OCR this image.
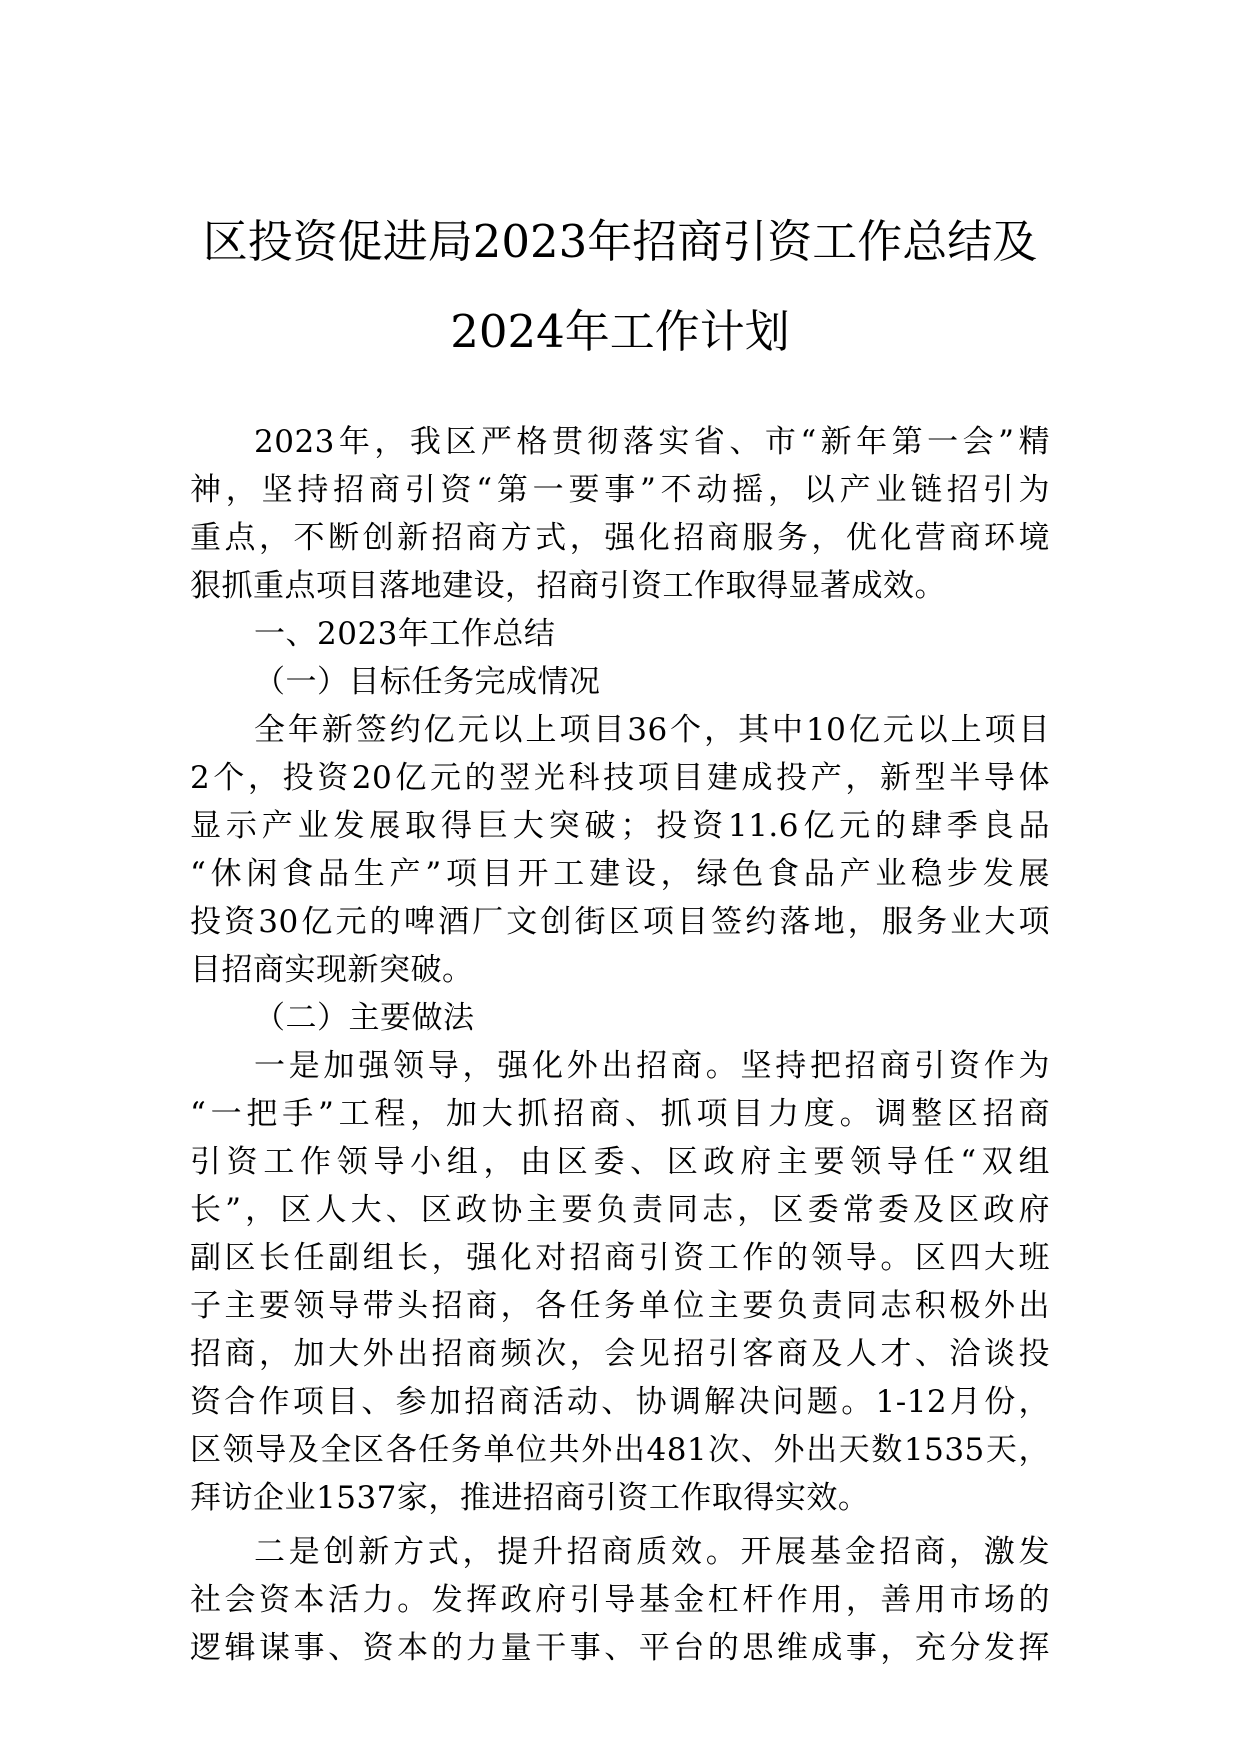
区投资促进局2023年招商引资工作总结及
2024年工作计划
2023年，我区严格贯彻落实省、市“新年第一会”精
神，坚持招商引资“第一要事”不动摇，以产业链招引为
重点，不断创新招商方式，强化招商服务，优化营商环境
狠抓重点项目落地建设，招商引资工作取得显著成效。
一、2023年工作总结
（一）目标任务完成情况
全年新签约亿元以上项目36个，其中10亿元以上项目
2个，投资20亿元的翌光科技项目建成投产，新型半导体
显示产业发展取得巨大突破；投资11.6亿元的肆季良品
“休闲食品生产”项目开工建设，绿色食品产业稳步发展
投资30亿元的啤酒厂文创街区项目签约落地，服务业大项
目招商实现新突破。
（二）主要做法
一是加强领导，强化外出招商。坚持把招商引资作为
“一把手”工程，加大抓招商、抓项目力度。调整区招商
引资工作领导小组，由区委、区政府主要领导任“双组
长”，区人大、区政协主要负责同志，区委常委及区政府
副区长任副组长，强化对招商引资工作的领导。区四大班
子主要领导带头招商，各任务单位主要负责同志积极外出
招商，加大外出招商频次，会见招引客商及人才、洽谈投
资合作项目、参加招商活动、协调解决问题。1-12月份，
区领导及全区各任务单位共外出481次、外出天数1535天，
拜访企业1537家，推进招商引资工作取得实效。
二是创新方式，提升招商质效。开展基金招商，激发
社会资本活力。发挥政府引导基金杠杆作用，善用市场的
逻辑谋事、资本的力量干事、平台的思维成事，充分发挥
